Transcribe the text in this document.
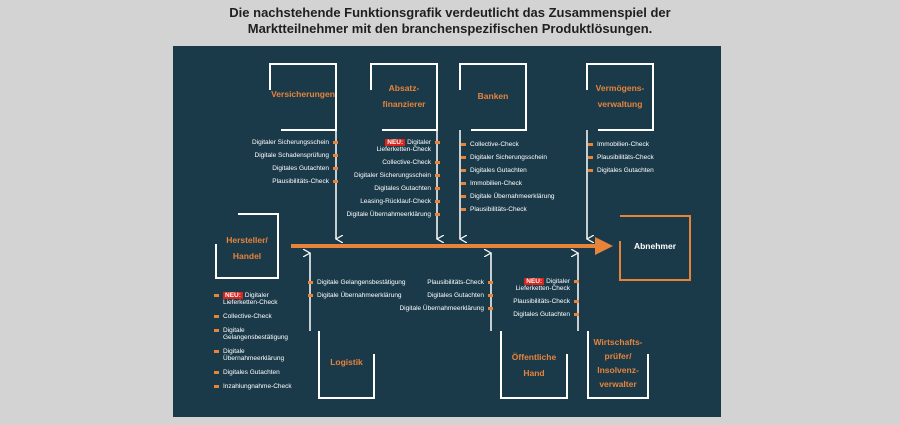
Die nachstehende Funktionsgrafik verdeutlicht das Zusammenspiel der
Marktteilnehmer mit den branchenspezifischen Produktlösungen.
Versicherungen
Absatz-
finanzierer
Banken
Vermögens-
verwaltung
Hersteller/
Handel
Abnehmer
Logistik	Öffentliche
Hand
Wirtschafts-
prüfer/
Insolvenz-
verwalter
Digitaler Sicherungsschein
Digitale Schadensprüfung
Digitales Gutachten
Plausibilitäts-Check
NEU: Digitaler
Lieferketten-Check
Collective-Check
Digitaler Sicherungsschein
Digitales Gutachten
Leasing-Rücklauf-Check
Digitale Übernahmeerklärung
Collective-Check
Digitaler Sicherungsschein
Digitales Gutachten
Immobilien-Check
Digitale Übernahmeerklärung
Plausibilitäts-Check
Immobilien-Check
Plausibilitäts-Check
Digitales Gutachten
NEU: Digitaler
Lieferketten-Check
Collective-Check
Digitale
Gelangensbestätigung
Digitale
Übernahmeerklärung
Digitales Gutachten
Inzahlungnahme-Check
Digitale Gelangensbestätigung
Digitale Übernahmeerklärung
Plausibilitäts-Check
Digitales Gutachten
Digitale Übernahmeerklärung
NEU: Digitaler
Lieferketten-Check
Plausibilitäts-Check
Digitales Gutachten
